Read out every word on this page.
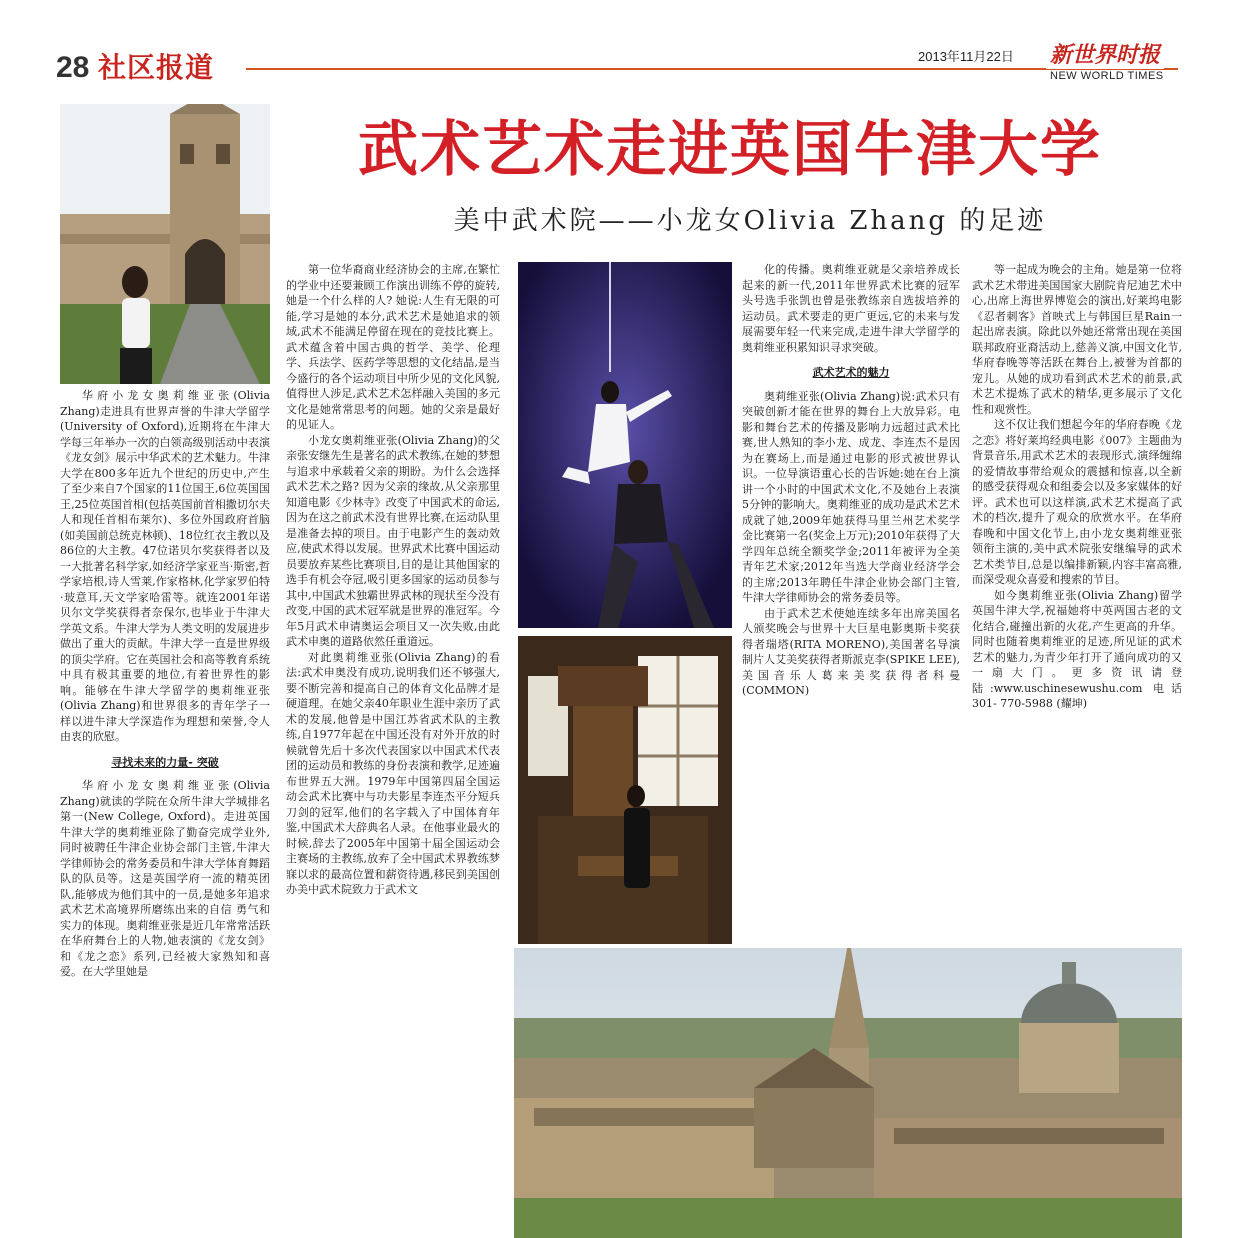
28 社区报道	2013年11月22日 新世界时报
NEW WORLD TIMES
武术艺术走进英国牛津大学
美中武术院——小龙女Olivia Zhang 的足迹

华府小龙女奥莉维亚张(Olivia Zhang)走进具有世界声誉的牛津大学留学(University of Oxford),近期将在牛津大学每三年举办一次的白领高级别活动中表演《龙女剑》展示中华武术的艺术魅力。牛津大学在800多年近九个世纪的历史中,产生了至少来自7个国家的11位国王,6位英国国王,25位英国首相(包括英国前首相撒切尔夫人和现任首相布莱尔)、多位外国政府首脑(如美国前总统克林顿)、18位红衣主教以及86位的大主教。47位诺贝尔奖获得者以及一大批著名科学家,如经济学家亚当·斯密,哲学家培根,诗人雪莱,作家格林,化学家罗伯特·玻意耳,天文学家哈雷等。就连2001年诺贝尔文学奖获得者奈保尔,也毕业于牛津大学英文系。牛津大学为人类文明的发展进步做出了重大的贡献。牛津大学一直是世界级的顶尖学府。它在英国社会和高等教育系统中具有极其重要的地位,有着世界性的影响。能够在牛津大学留学的奥莉维亚张(Olivia Zhang)和世界很多的青年学子一样以进牛津大学深造作为理想和荣誉,令人由衷的欣慰。

寻找未来的力量- 突破

华府小龙女奥莉维亚张(Olivia Zhang)就读的学院在众所牛津大学城排名第一(New College, Oxford)。走进英国牛津大学的奥莉维亚除了勤奋完成学业外,同时被聘任牛津企业协会部门主管,牛津大学律师协会的常务委员和牛津大学体育舞蹈队的队员等。这是英国学府一流的精英团队,能够成为他们其中的一员,是她多年追求武术艺术高境界所磨练出来的自信 勇气和实力的体现。奥莉维亚张是近几年常常活跃在华府舞台上的人物,她表演的《龙女剑》和《龙之恋》系列,已经被大家熟知和喜爱。在大学里她是

第一位华裔商业经济协会的主席,在繁忙的学业中还要兼顾工作演出训练不停的旋转,她是一个什么样的人? 她说:人生有无限的可能,学习是她的本分,武术艺术是她追求的领域,武术不能满足停留在现在的竞技比赛上。武术蕴含着中国古典的哲学、美学、伦理学、兵法学、医药学等思想的文化结晶,是当今盛行的各个运动项目中所少见的文化风貌,值得世人涉足,武术艺术怎样融入美国的多元文化是她常常思考的问题。她的父亲是最好的见证人。

小龙女奥莉维亚张(Olivia Zhang)的父亲张安继先生是著名的武术教练,在她的梦想与追求中承载着父亲的期盼。为什么会选择武术艺术之路? 因为父亲的缘故,从父亲那里知道电影《少林寺》改变了中国武术的命运,因为在这之前武术没有世界比赛,在运动队里是准备去掉的项目。由于电影产生的轰动效应,使武术得以发展。世界武术比赛中国运动员要放弃某些比赛项目,目的是让其他国家的选手有机会夺冠,吸引更多国家的运动员参与其中,中国武术独霸世界武林的现状至今没有改变,中国的武术冠军就是世界的准冠军。今年5月武术申请奥运会项目又一次失败,由此武术申奥的道路依然任重道远。

对此奥莉维亚张(Olivia Zhang)的看法:武术申奥没有成功,说明我们还不够强大,要不断完善和提高自己的体育文化品牌才是硬道理。在她父亲40年职业生涯中亲历了武术的发展,他曾是中国江苏省武术队的主教练,自1977年起在中国还没有对外开放的时候就曾先后十多次代表国家以中国武术代表团的运动员和教练的身份表演和教学,足迹遍布世界五大洲。1979年中国第四届全国运动会武术比赛中与功夫影星李连杰平分短兵刀剑的冠军,他们的名字载入了中国体育年鉴,中国武术大辞典名人录。在他事业最火的时候,辞去了2005年中国第十届全国运动会主赛场的主教练,放弃了全中国武术界教练梦寐以求的最高位置和薪资待遇,移民到美国创办美中武术院致力于武术文

化的传播。奥莉维亚就是父亲培养成长起来的新一代,2011年世界武术比赛的冠军头号选手张凯也曾是张教练亲自选拔培养的运动员。武术要走的更广更远,它的未来与发展需要年轻一代来完成,走进牛津大学留学的奥莉维亚积累知识寻求突破。

武术艺术的魅力

奥莉维亚张(Olivia Zhang)说:武术只有突破创新才能在世界的舞台上大放异彩。电影和舞台艺术的传播及影响力远超过武术比赛,世人熟知的李小龙、成龙、李连杰不是因为在赛场上,而是通过电影的形式被世界认识。一位导演语重心长的告诉她:她在台上演讲一个小时的中国武术文化,不及她台上表演5分钟的影响大。奥莉维亚的成功是武术艺术成就了她,2009年她获得马里兰州艺术奖学金比赛第一名(奖金上万元);2010年获得了大学四年总统全额奖学金;2011年被评为全美青年艺术家;2012年当选大学商业经济学会的主席;2013年聘任牛津企业协会部门主管,牛津大学律师协会的常务委员等。

由于武术艺术使她连续多年出席美国名人颁奖晚会与世界十大巨星电影奥斯卡奖获得者瑞塔(RITA MORENO),美国著名导演制片人艾美奖获得者斯派克李(SPIKE LEE),美国音乐人葛来美奖获得者科曼(COMMON)

等一起成为晚会的主角。她是第一位将武术艺术带进美国国家大剧院肯尼迪艺术中心,出席上海世界博览会的演出,好莱坞电影《忍者刺客》首映式上与韩国巨星Rain一起出席表演。除此以外她还常常出现在美国联邦政府亚裔活动上,慈善义演,中国文化节,华府春晚等等活跃在舞台上,被誉为首都的宠儿。从她的成功看到武术艺术的前景,武术艺术提炼了武术的精华,更多展示了文化性和观赏性。

这不仅让我们想起今年的华府春晚《龙之恋》将好莱坞经典电影《007》主题曲为背景音乐,用武术艺术的表现形式,演绎缠绵的爱情故事带给观众的震撼和惊喜,以全新的感受获得观众和组委会以及多家媒体的好评。武术也可以这样演,武术艺术提高了武术的档次,提升了观众的欣赏水平。在华府春晚和中国文化节上,由小龙女奥莉维亚张领衔主演的,美中武术院张安继编导的武术艺术类节目,总是以编排新颖,内容丰富高雅,而深受观众喜爱和搜索的节目。

如今奥莉维亚张(Olivia Zhang)留学英国牛津大学,祝福她将中英两国古老的文化结合,碰撞出新的火花,产生更高的升华。同时也随着奥莉维亚的足迹,所见证的武术艺术的魅力,为青少年打开了通向成功的又一扇大门。更多资讯请登陆:www.uschinesewushu.com 电话 301- 770-5988 (耀坤)
